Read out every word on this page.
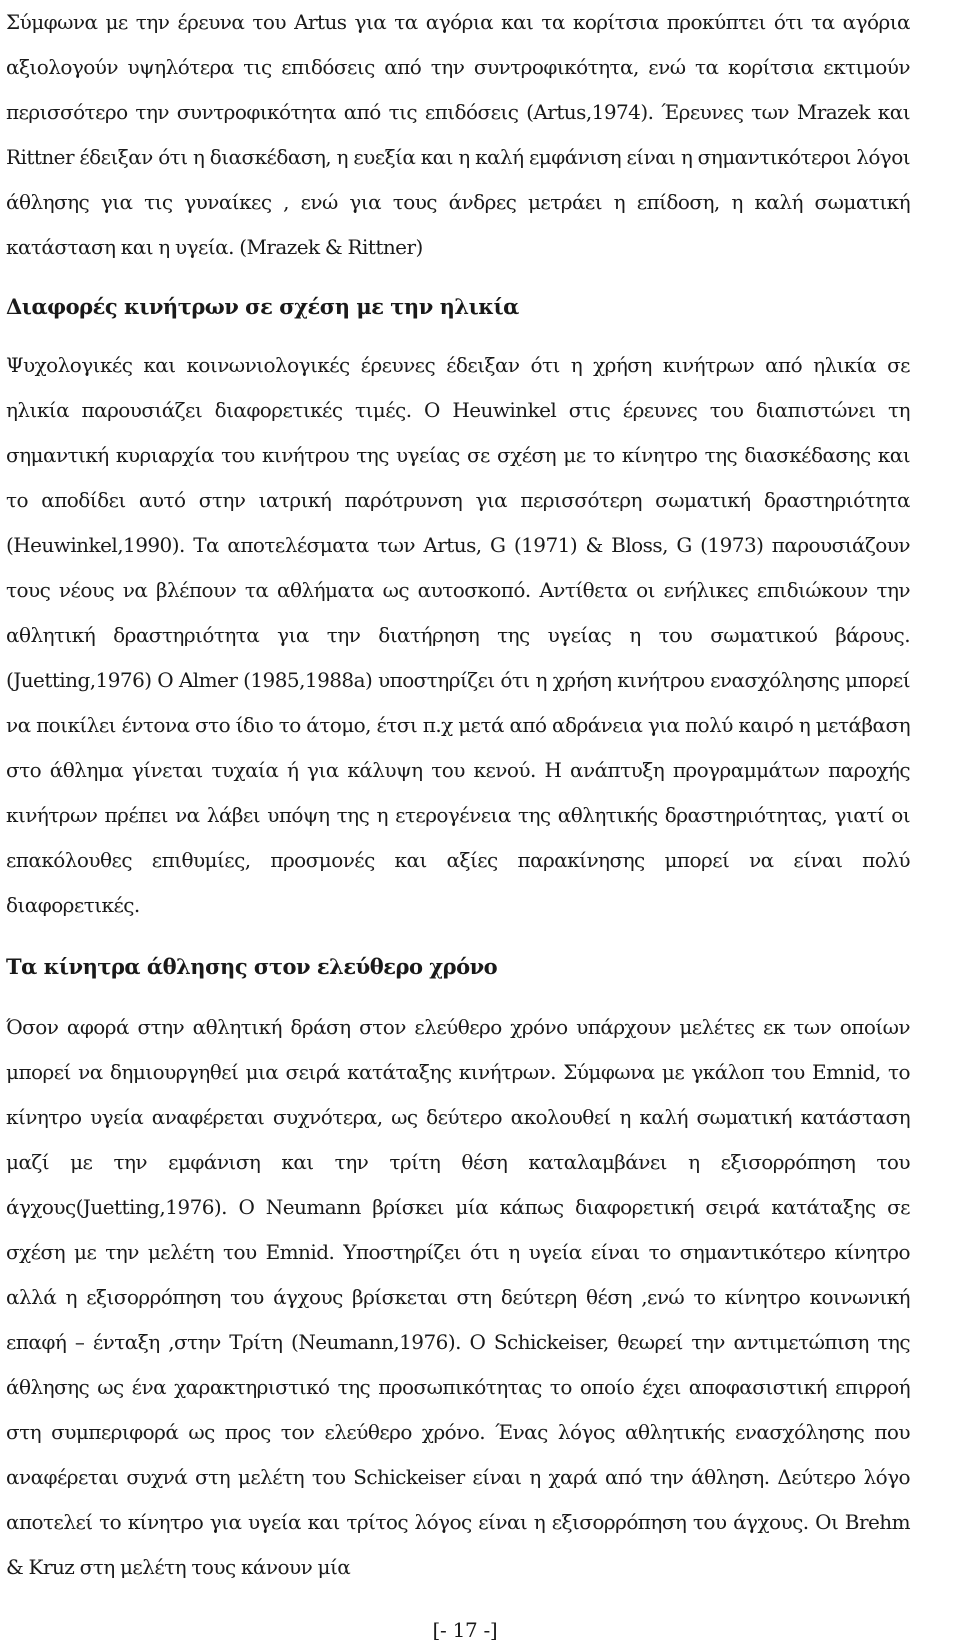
Σύμφωνα με την έρευνα του Artus για τα αγόρια και τα κορίτσια προκύπτει ότι τα αγόρια αξιολογούν υψηλότερα τις επιδόσεις από την συντροφικότητα, ενώ τα κορίτσια εκτιμούν περισσότερο την συντροφικότητα από τις επιδόσεις (Artus,1974). Έρευνες των Mrazek και Rittner έδειξαν ότι η διασκέδαση, η ευεξία και η καλή εμφάνιση είναι η σημαντικότεροι λόγοι άθλησης για τις γυναίκες , ενώ για τους άνδρες μετράει η επίδοση, η καλή σωματική κατάσταση και η υγεία. (Mrazek & Rittner)

Διαφορές κινήτρων σε σχέση με την ηλικία

Ψυχολογικές και κοινωνιολογικές έρευνες έδειξαν ότι η χρήση κινήτρων από ηλικία σε ηλικία παρουσιάζει διαφορετικές τιμές. Ο Heuwinkel στις έρευνες του διαπιστώνει τη σημαντική κυριαρχία του κινήτρου της υγείας σε σχέση με το κίνητρο της διασκέδασης και το αποδίδει αυτό στην ιατρική παρότρυνση για περισσότερη σωματική δραστηριότητα (Heuwinkel,1990). Τα αποτελέσματα των Artus, G (1971) & Bloss, G (1973) παρουσιάζουν τους νέους να βλέπουν τα αθλήματα ως αυτοσκοπό. Αντίθετα οι ενήλικες επιδιώκουν την αθλητική δραστηριότητα για την διατήρηση της υγείας η του σωματικού βάρους. (Juetting,1976) Ο Almer (1985,1988a) υποστηρίζει ότι η χρήση κινήτρου ενασχόλησης μπορεί να ποικίλει έντονα στο ίδιο το άτομο, έτσι π.χ μετά από αδράνεια για πολύ καιρό η μετάβαση στο άθλημα γίνεται τυχαία ή για κάλυψη του κενού. Η ανάπτυξη προγραμμάτων παροχής κινήτρων πρέπει να λάβει υπόψη της η ετερογένεια της αθλητικής δραστηριότητας, γιατί οι επακόλουθες επιθυμίες, προσμονές και αξίες παρακίνησης μπορεί να είναι πολύ διαφορετικές.

Τα κίνητρα άθλησης στον ελεύθερο χρόνο

Όσον αφορά στην αθλητική δράση στον ελεύθερο χρόνο υπάρχουν μελέτες εκ των οποίων μπορεί να δημιουργηθεί μια σειρά κατάταξης κινήτρων. Σύμφωνα με γκάλοπ του Emnid, το κίνητρο υγεία αναφέρεται συχνότερα, ως δεύτερο ακολουθεί η καλή σωματική κατάσταση μαζί με την εμφάνιση και την τρίτη θέση καταλαμβάνει η εξισορρόπηση του άγχους(Juetting,1976). Ο Neumann βρίσκει μία κάπως διαφορετική σειρά κατάταξης σε σχέση με την μελέτη του Emnid. Υποστηρίζει ότι η υγεία είναι το σημαντικότερο κίνητρο αλλά η εξισορρόπηση του άγχους βρίσκεται στη δεύτερη θέση ,ενώ το κίνητρο κοινωνική επαφή – ένταξη ,στην Τρίτη (Neumann,1976). Ο Schickeiser, θεωρεί την αντιμετώπιση της άθλησης ως ένα χαρακτηριστικό της προσωπικότητας το οποίο έχει αποφασιστική επιρροή στη συμπεριφορά ως προς τον ελεύθερο χρόνο. Ένας λόγος αθλητικής ενασχόλησης που αναφέρεται συχνά στη μελέτη του Schickeiser είναι η χαρά από την άθληση. Δεύτερο λόγο αποτελεί το κίνητρο για υγεία και τρίτος λόγος είναι η εξισορρόπηση του άγχους. Οι Brehm & Kruz στη μελέτη τους κάνουν μία

[- 17 -]
